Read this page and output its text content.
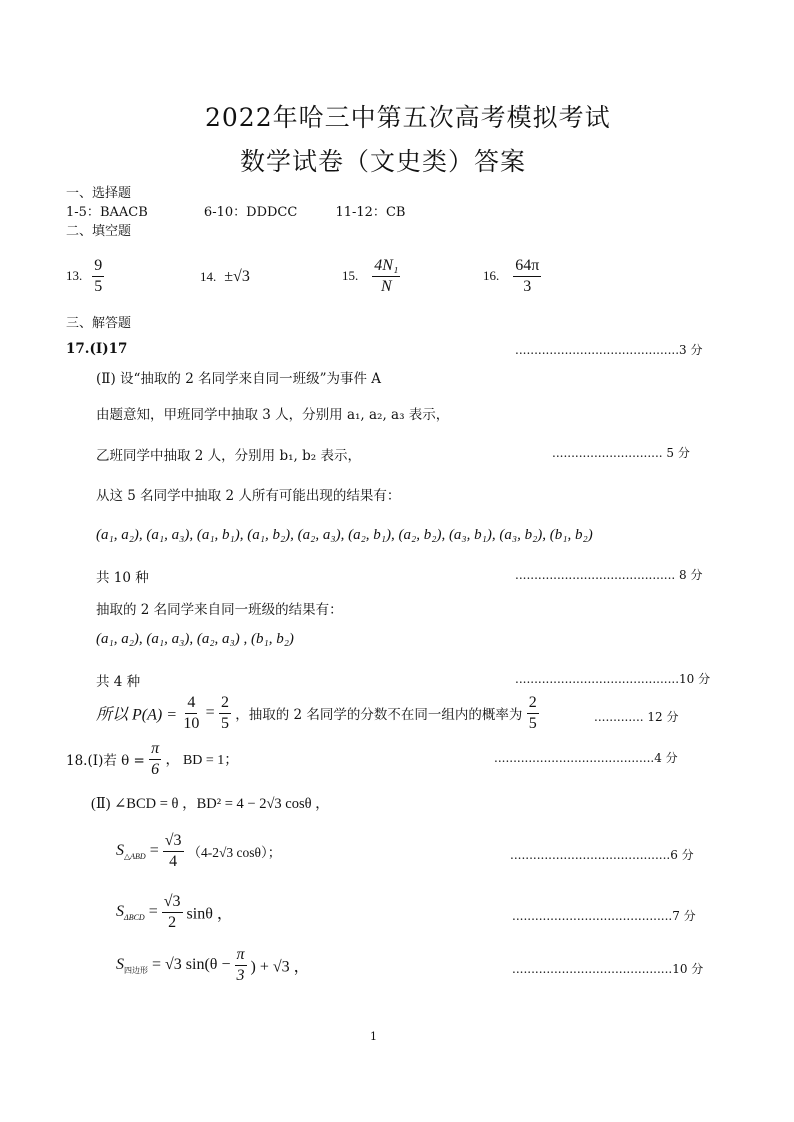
2022年哈三中第五次高考模拟考试
数学试卷（文史类）答案
一、选择题
1-5：BAACB	6-10：DDDCC	11-12：CB
二、填空题
13. $\frac{9}{5}$	14. ±√3	15. $\frac{\text{4N₁}}{N}$	16. $\frac{64\pi}{3}$
三、解答题
17.(Ⅰ)17	...........................................3 分
(Ⅱ) 设“抽取的 2 名同学来自同一班级”为事件 A
由题意知，甲班同学中抽取 3 人，分别用 a₁, a₂, a₃ 表示，
乙班同学中抽取 2 人，分别用 b₁, b₂ 表示，	............................. 5 分
从这 5 名同学中抽取 2 人所有可能出现的结果有：
(a₁, a₂), (a₁, a₃), (a₁, b₁), (a₁, b₂), (a₂, a₃), (a₂, b₁), (a₂, b₂), (a₃, b₁), (a₃, b₂), (b₁, b₂)
共 10 种	.......................................... 8 分
抽取的 2 名同学来自同一班级的结果有：
(a₁, a₂), (a₁, a₃), (a₂, a₃) , (b₁, b₂)
共 4 种	...........................................10 分
所以 $P(A) = \frac{4}{10} = \frac{2}{5}$ ，抽取的 2 名同学的分数不在同一组内的概率为 $\frac{2}{5}$	............. 12 分
18.(Ⅰ)若 $\theta = \frac{\pi}{6}$ ， BD = 1；	..........................................4 分
(Ⅱ) ∠BCD = θ ，BD² = 4 − 2√3 cosθ ，
$S_{\triangle ABD} = \frac{√3}{4} (4-2√3$ cosθ）；	..........................................6 分
$S_{\Delta BCD} = \frac{√3}{2}$ sinθ ，	..........................................7 分
$S_{四边形} = √3$ $\sin(\theta - \frac{\pi}{3}$ ) + √3 ，	..........................................10 分
1
